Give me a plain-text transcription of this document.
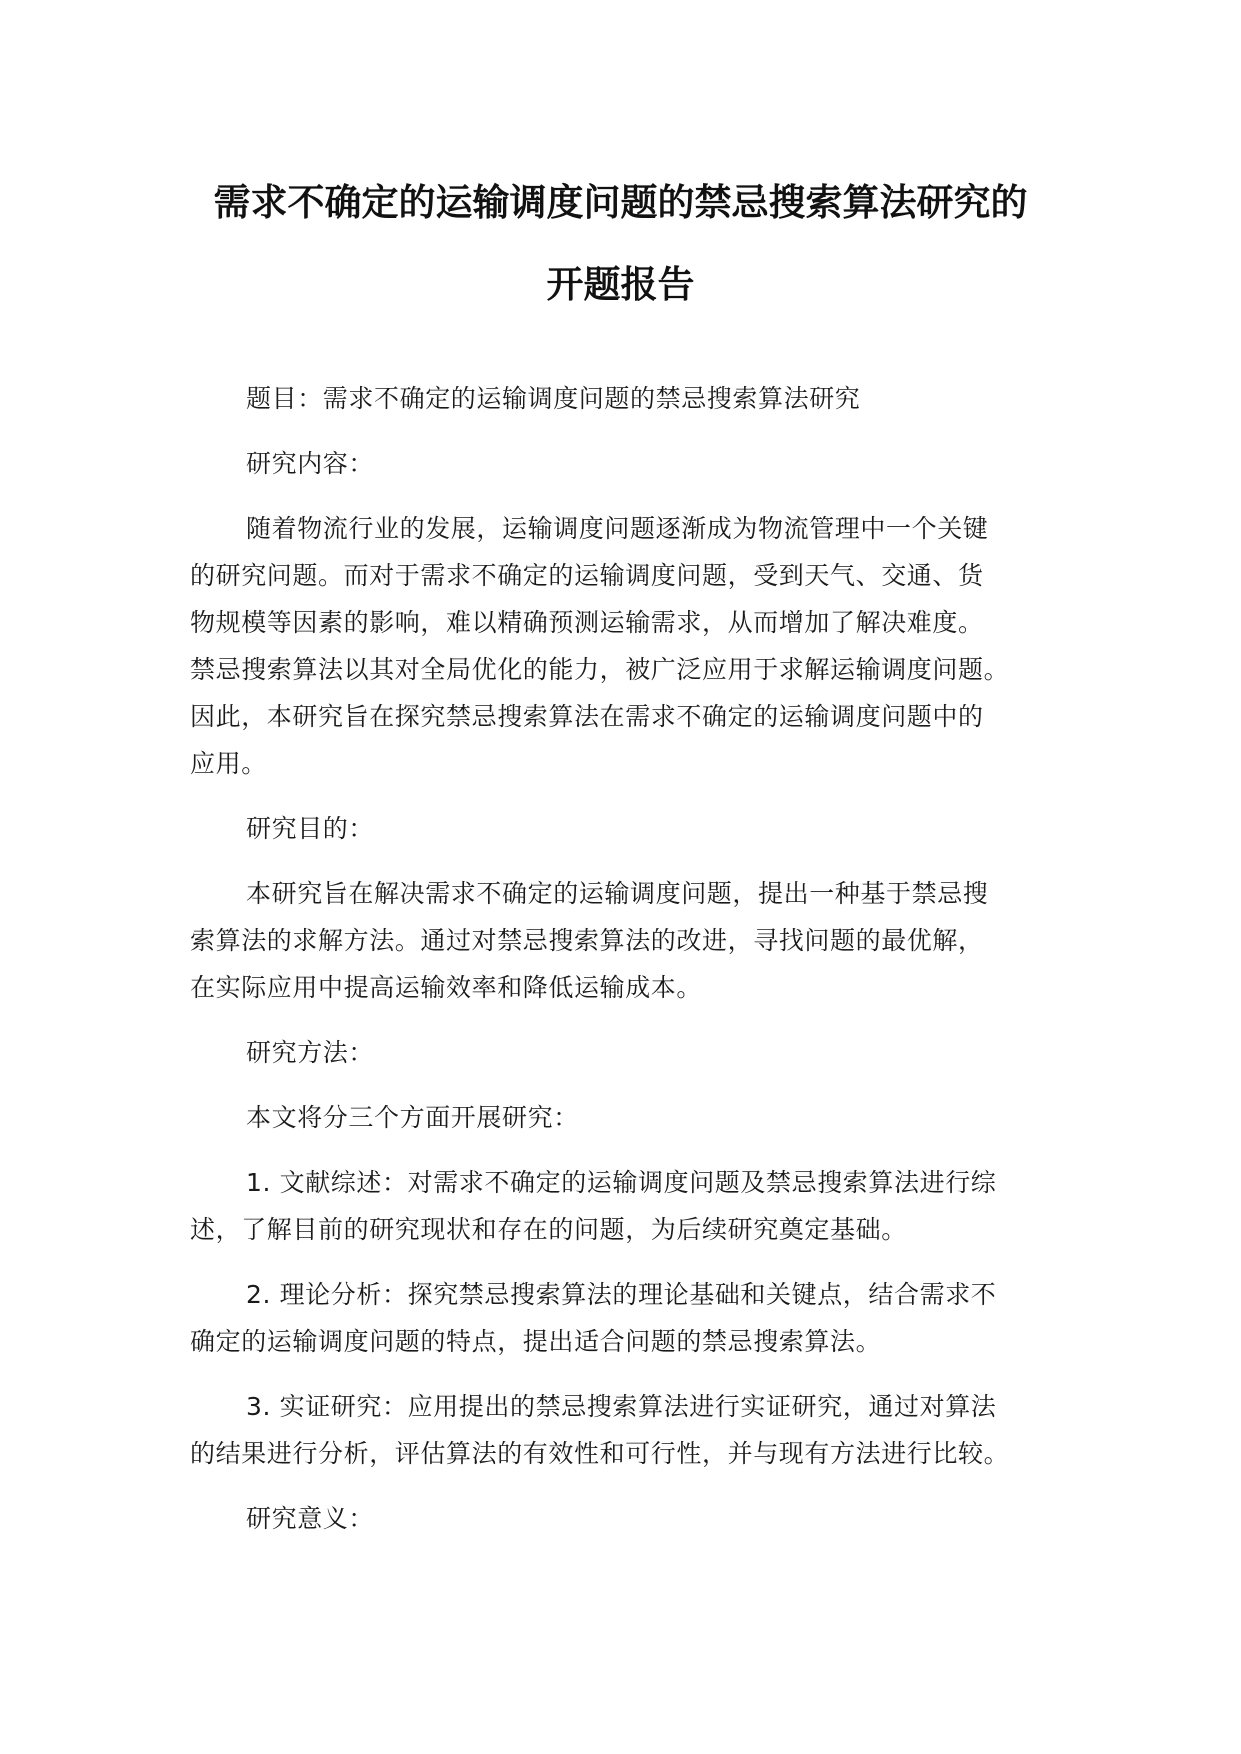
需求不确定的运输调度问题的禁忌搜索算法研究的
开题报告

题目：需求不确定的运输调度问题的禁忌搜索算法研究

研究内容：

随着物流行业的发展，运输调度问题逐渐成为物流管理中一个关键
的研究问题。而对于需求不确定的运输调度问题，受到天气、交通、货
物规模等因素的影响，难以精确预测运输需求，从而增加了解决难度。
禁忌搜索算法以其对全局优化的能力，被广泛应用于求解运输调度问题。
因此，本研究旨在探究禁忌搜索算法在需求不确定的运输调度问题中的
应用。

研究目的：

本研究旨在解决需求不确定的运输调度问题，提出一种基于禁忌搜
索算法的求解方法。通过对禁忌搜索算法的改进，寻找问题的最优解，
在实际应用中提高运输效率和降低运输成本。

研究方法：

本文将分三个方面开展研究：

1. 文献综述：对需求不确定的运输调度问题及禁忌搜索算法进行综
述，了解目前的研究现状和存在的问题，为后续研究奠定基础。

2. 理论分析：探究禁忌搜索算法的理论基础和关键点，结合需求不
确定的运输调度问题的特点，提出适合问题的禁忌搜索算法。

3. 实证研究：应用提出的禁忌搜索算法进行实证研究，通过对算法
的结果进行分析，评估算法的有效性和可行性，并与现有方法进行比较。

研究意义：
